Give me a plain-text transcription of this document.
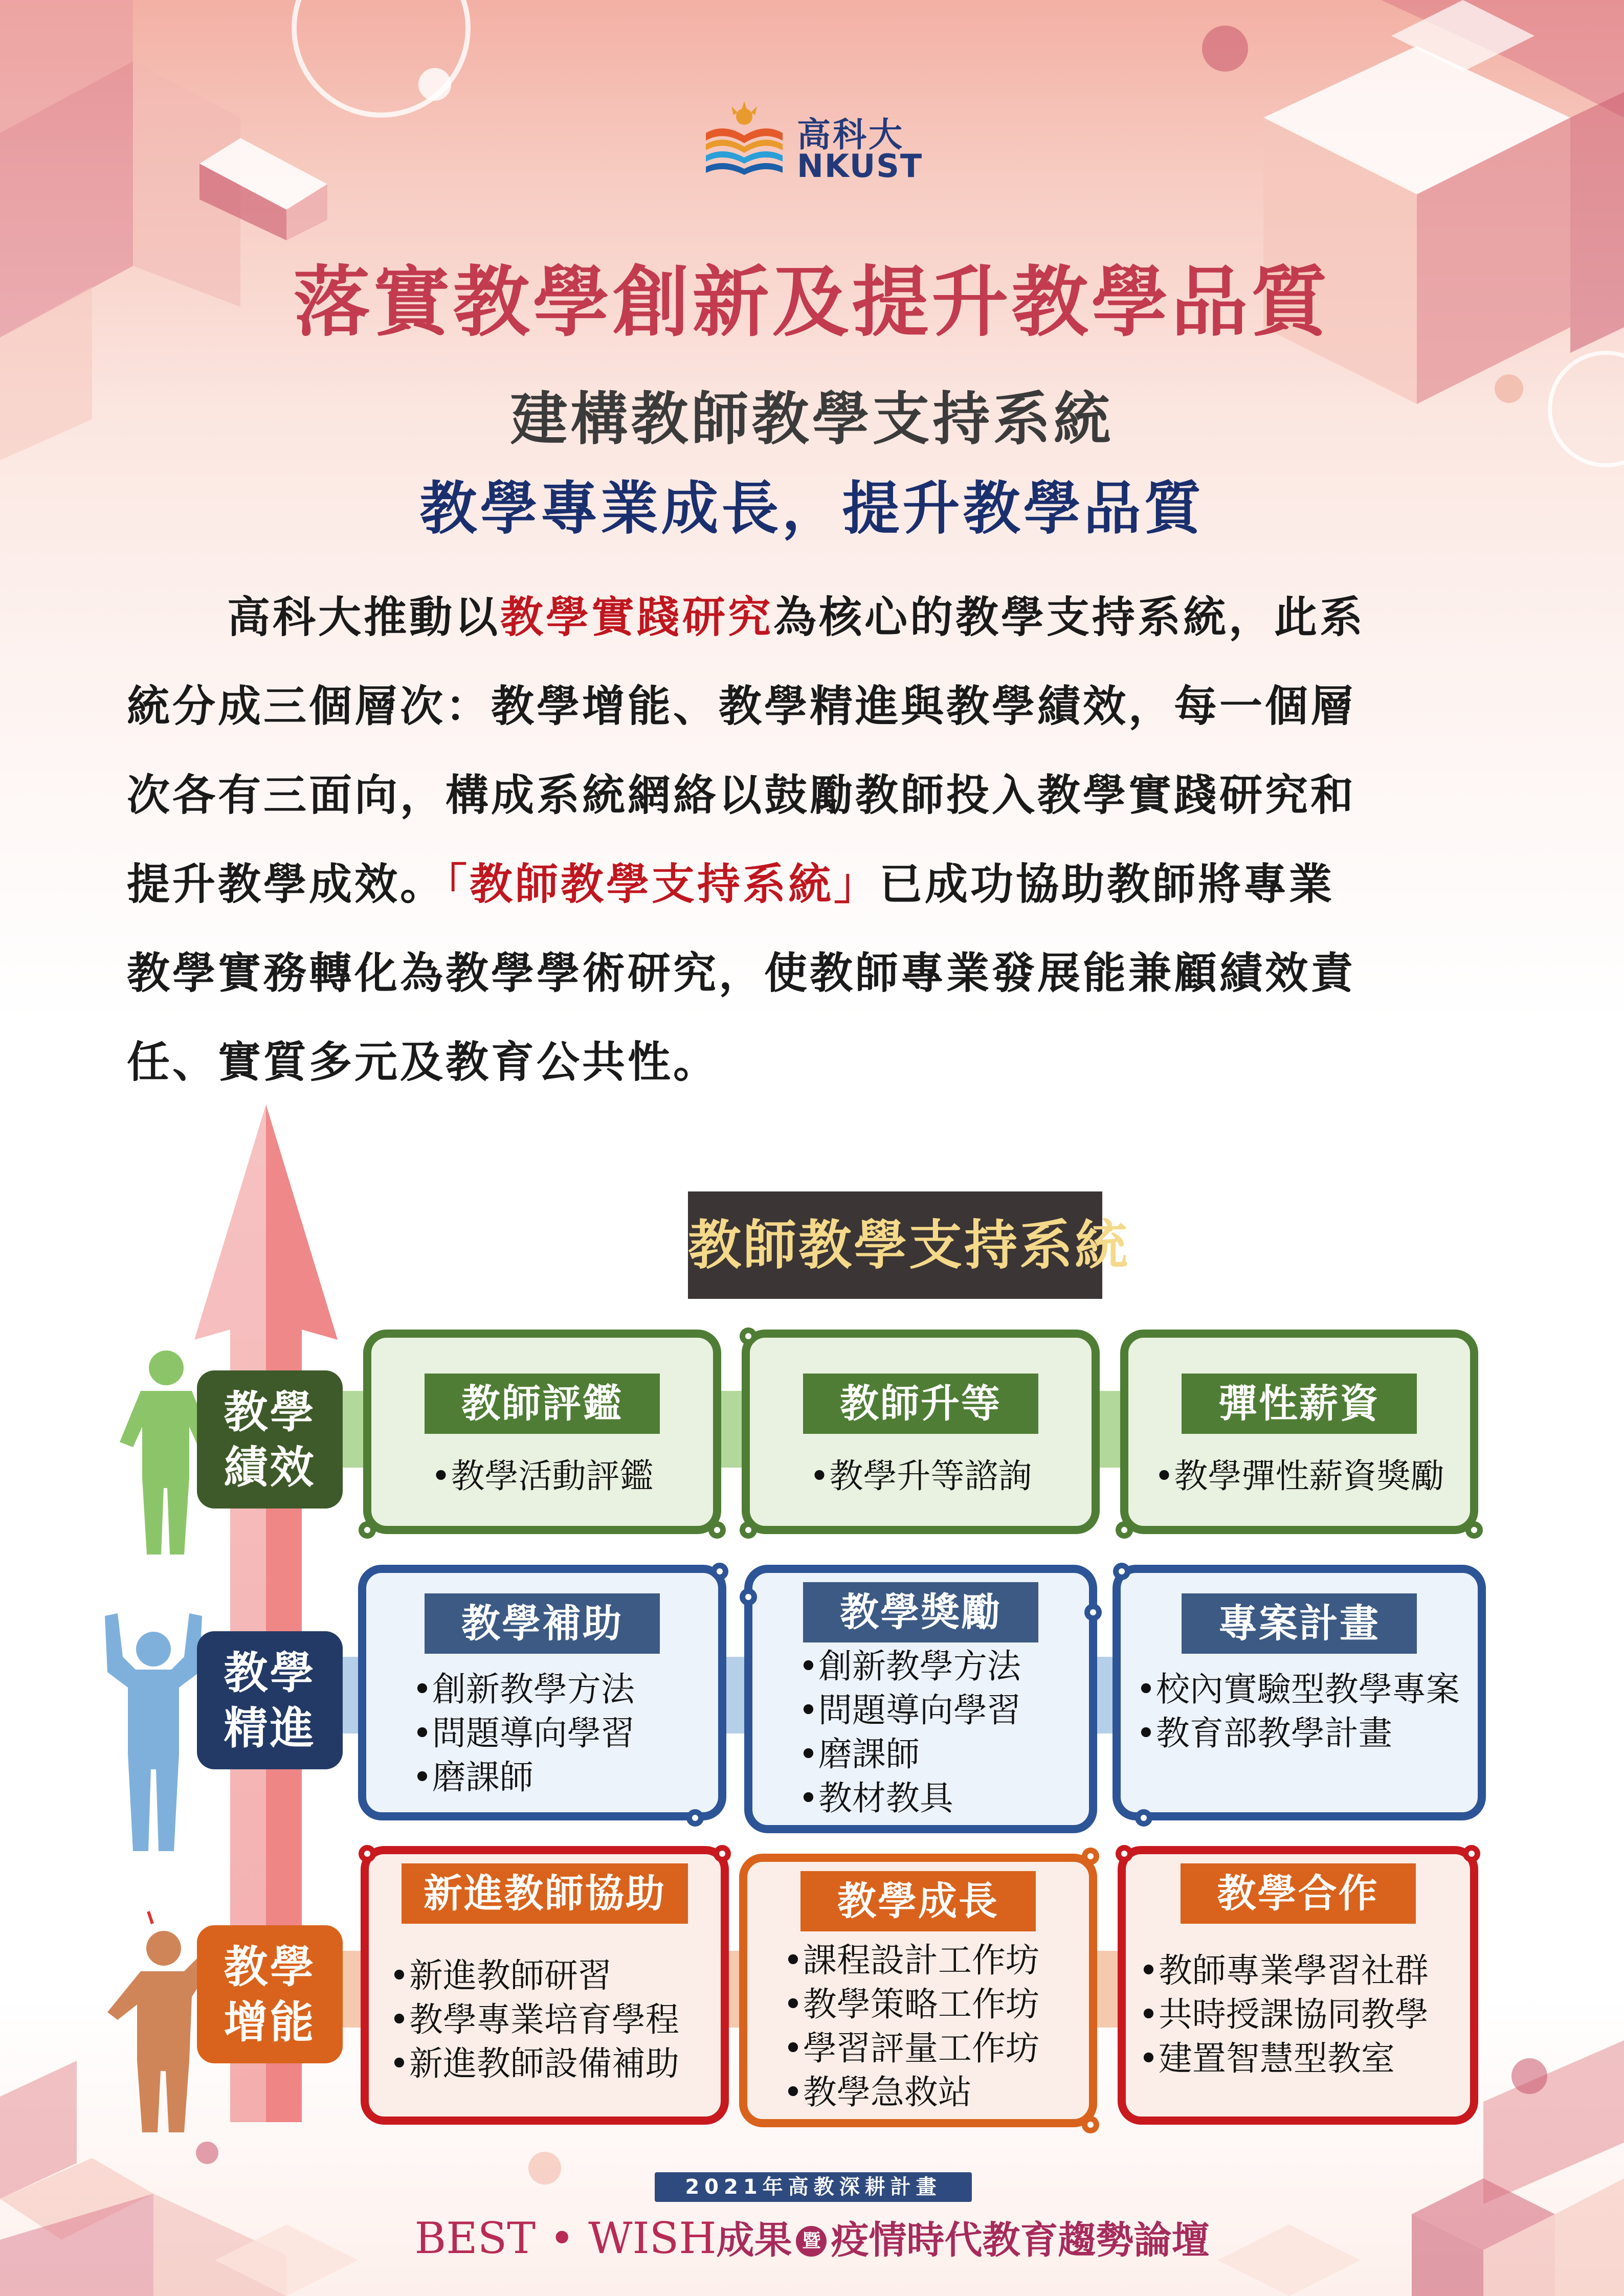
高科大
NKUST
落實教學創新及提升教學品質
建構教師教學支持系統
教學專業成長，提升教學品質
高科大推動以教學實踐研究為核心的教學支持系統，此系
統分成三個層次：教學增能、教學精進與教學績效，每一個層
次各有三面向，構成系統網絡以鼓勵教師投入教學實踐研究和
提升教學成效。「教師教學支持系統」已成功協助教師將專業
教學實務轉化為教學學術研究，使教師專業發展能兼顧績效責
任、實質多元及教育公共性。
教師教學支持系統
教學
績效
教學
精進
教學
增能
教師評鑑
•教學活動評鑑
教師升等
•教學升等諮詢
彈性薪資
•教學彈性薪資獎勵
教學補助
•創新教學方法
•問題導向學習
•磨課師
教學獎勵
•創新教學方法
•問題導向學習
•磨課師
•教材教具
專案計畫
•校內實驗型教學專案
•教育部教學計畫
新進教師協助
•新進教師研習
•教學專業培育學程
•新進教師設備補助
教學成長
•課程設計工作坊
•教學策略工作坊
•學習評量工作坊
•教學急救站
教學合作
•教師專業學習社群
•共時授課協同教學
•建置智慧型教室
2021年高教深耕計畫
BEST • WISH成果 暨 疫情時代教育趨勢論壇
